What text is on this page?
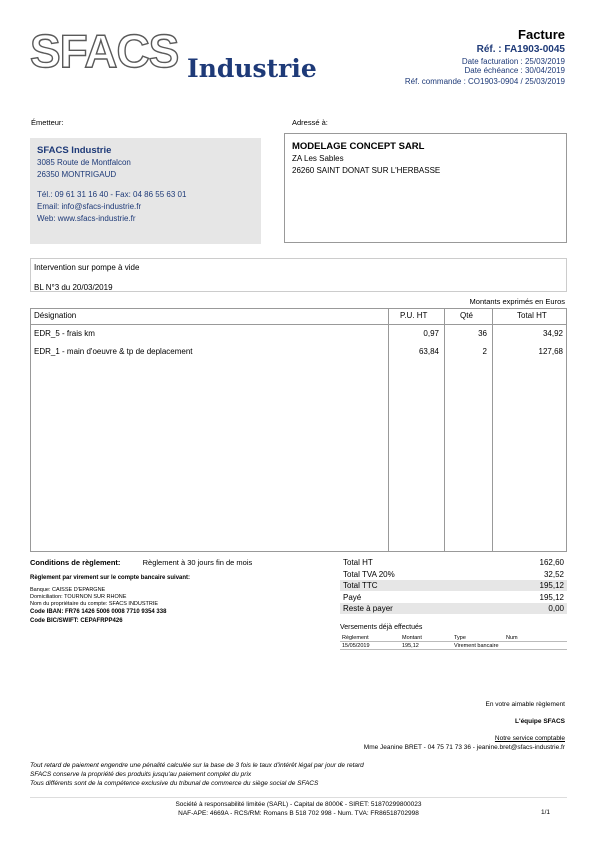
SFACS Industrie
Facture
Réf. : FA1903-0045
Date facturation : 25/03/2019
Date échéance : 30/04/2019
Réf. commande : CO1903-0904 / 25/03/2019
Émetteur:
SFACS Industrie
3085 Route de Montfalcon
26350 MONTRIGAUD
Tél.: 09 61 31 16 40 - Fax: 04 86 55 63 01
Email: info@sfacs-industrie.fr
Web: www.sfacs-industrie.fr
Adressé à:
MODELAGE CONCEPT SARL
ZA Les Sables
26260 SAINT DONAT SUR L'HERBASSE
Intervention sur pompe à vide
BL N°3 du 20/03/2019
Montants exprimés en Euros
Désignation	P.U. HT	Qté	Total HT
EDR_5 - frais km	0,97	36	34,92
EDR_1 - main d'oeuvre & tp de deplacement	63,84	2	127,68
Conditions de règlement:	Règlement à 30 jours fin de mois
Règlement par virement sur le compte bancaire suivant:
Banque: CAISSE D'EPARGNE
Domiciliation: TOURNON SUR RHONE
Nom du propriétaire du compte: SFACS INDUSTRIE
Code IBAN: FR76 1426 5006 0008 7710 9354 338
Code BIC/SWIFT: CEPAFRPP426
Total HT	162,60
Total TVA 20%	32,52
Total TTC	195,12
Payé	195,12
Reste à payer	0,00
Versements déjà effectués
Règlement	Montant	Type	Num
15/05/2019	195,12	Virement bancaire
En votre aimable règlement
L'équipe SFACS
Notre service comptable
Mme Jeanine BRET - 04 75 71 73 36 - jeanine.bret@sfacs-industrie.fr
Tout retard de paiement engendre une pénalité calculée sur la base de 3 fois le taux d'intérêt légal par jour de retard
SFACS conserve la propriété des produits jusqu'au paiement complet du prix
Tous différents sont de la compétence exclusive du tribunal de commerce du siège social de SFACS
Société à responsabilité limitée (SARL) - Capital de 8000€ - SIRET: 51870299800023
NAF-APE: 4669A - RCS/RM: Romans B 518 702 998 - Num. TVA: FR86518702998	1/1
